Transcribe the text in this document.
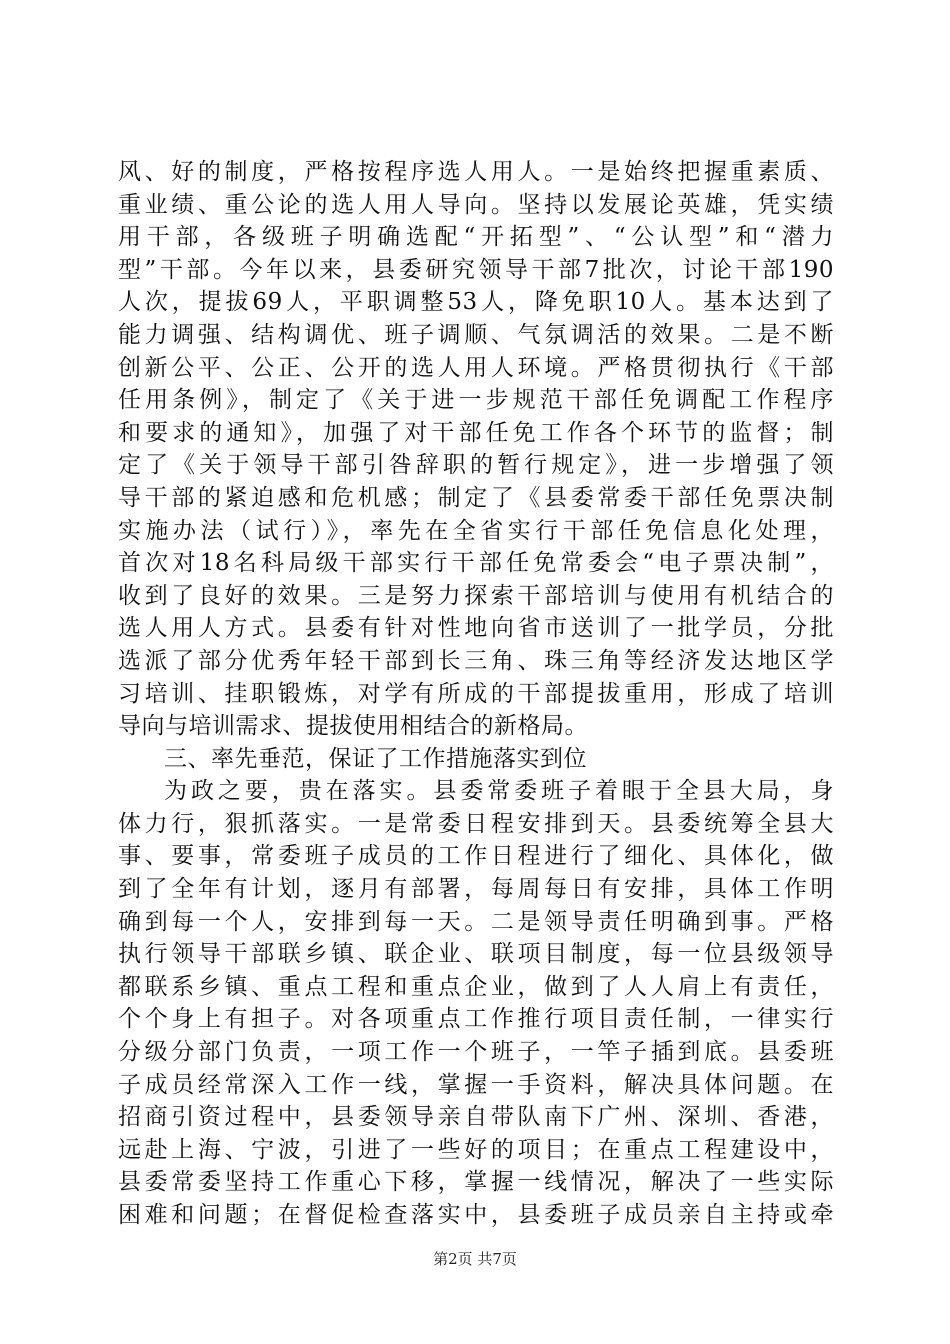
风、好的制度，严格按程序选人用人。一是始终把握重素质、
重业绩、重公论的选人用人导向。坚持以发展论英雄，凭实绩
用干部，各级班子明确选配“开拓型”、“公认型”和“潜力
型”干部。今年以来，县委研究领导干部7批次，讨论干部190
人次，提拔69人，平职调整53人，降免职10人。基本达到了
能力调强、结构调优、班子调顺、气氛调活的效果。二是不断
创新公平、公正、公开的选人用人环境。严格贯彻执行《干部
任用条例》，制定了《关于进一步规范干部任免调配工作程序
和要求的通知》，加强了对干部任免工作各个环节的监督；制
定了《关于领导干部引咎辞职的暂行规定》，进一步增强了领
导干部的紧迫感和危机感；制定了《县委常委干部任免票决制
实施办法（试行）》，率先在全省实行干部任免信息化处理，
首次对18名科局级干部实行干部任免常委会“电子票决制”，
收到了良好的效果。三是努力探索干部培训与使用有机结合的
选人用人方式。县委有针对性地向省市送训了一批学员，分批
选派了部分优秀年轻干部到长三角、珠三角等经济发达地区学
习培训、挂职锻炼，对学有所成的干部提拔重用，形成了培训
导向与培训需求、提拔使用相结合的新格局。
三、率先垂范，保证了工作措施落实到位
为政之要，贵在落实。县委常委班子着眼于全县大局，身
体力行，狠抓落实。一是常委日程安排到天。县委统筹全县大
事、要事，常委班子成员的工作日程进行了细化、具体化，做
到了全年有计划，逐月有部署，每周每日有安排，具体工作明
确到每一个人，安排到每一天。二是领导责任明确到事。严格
执行领导干部联乡镇、联企业、联项目制度，每一位县级领导
都联系乡镇、重点工程和重点企业，做到了人人肩上有责任，
个个身上有担子。对各项重点工作推行项目责任制，一律实行
分级分部门负责，一项工作一个班子，一竿子插到底。县委班
子成员经常深入工作一线，掌握一手资料，解决具体问题。在
招商引资过程中，县委领导亲自带队南下广州、深圳、香港，
远赴上海、宁波，引进了一些好的项目；在重点工程建设中，
县委常委坚持工作重心下移，掌握一线情况，解决了一些实际
困难和问题；在督促检查落实中，县委班子成员亲自主持或牵
第2页 共7页
